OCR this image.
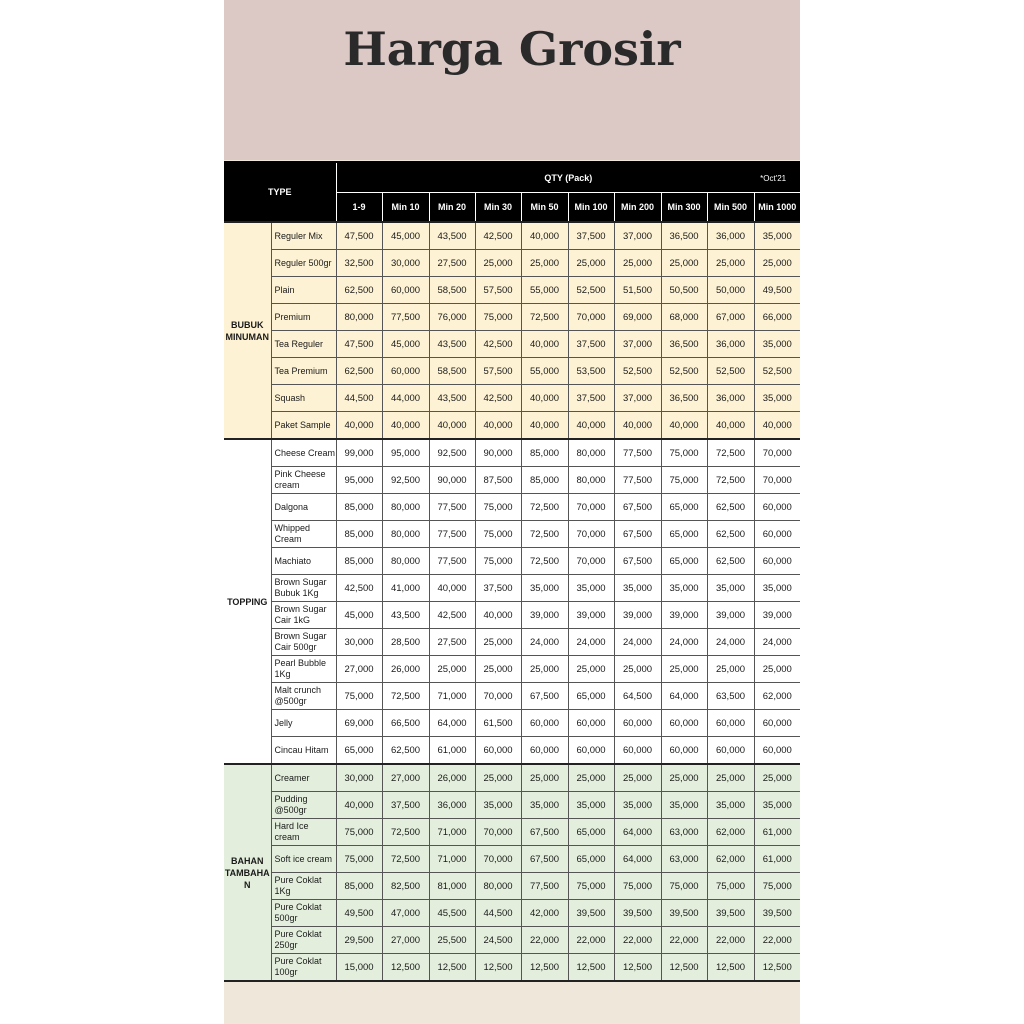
Harga Grosir
TYPE		QTY (Pack) *Oct'21									

		1-9	Min 10	Min 20	Min 30	Min 50	Min 100	Min 200	Min 300	Min 500	Min 1000
BUBUK MINUMAN	Reguler Mix	47,500	45,000	43,500	42,500	40,000	37,500	37,000	36,500	36,000	35,000
	Reguler 500gr	32,500	30,000	27,500	25,000	25,000	25,000	25,000	25,000	25,000	25,000
	Plain	62,500	60,000	58,500	57,500	55,000	52,500	51,500	50,500	50,000	49,500
	Premium	80,000	77,500	76,000	75,000	72,500	70,000	69,000	68,000	67,000	66,000
	Tea Reguler	47,500	45,000	43,500	42,500	40,000	37,500	37,000	36,500	36,000	35,000
	Tea Premium	62,500	60,000	58,500	57,500	55,000	53,500	52,500	52,500	52,500	52,500
	Squash	44,500	44,000	43,500	42,500	40,000	37,500	37,000	36,500	36,000	35,000
	Paket Sample	40,000	40,000	40,000	40,000	40,000	40,000	40,000	40,000	40,000	40,000
TOPPING	Cheese Cream	99,000	95,000	92,500	90,000	85,000	80,000	77,500	75,000	72,500	70,000
	Pink Cheese cream	95,000	92,500	90,000	87,500	85,000	80,000	77,500	75,000	72,500	70,000
	Dalgona	85,000	80,000	77,500	75,000	72,500	70,000	67,500	65,000	62,500	60,000
	Whipped Cream	85,000	80,000	77,500	75,000	72,500	70,000	67,500	65,000	62,500	60,000
	Machiato	85,000	80,000	77,500	75,000	72,500	70,000	67,500	65,000	62,500	60,000
	Brown Sugar Bubuk 1Kg	42,500	41,000	40,000	37,500	35,000	35,000	35,000	35,000	35,000	35,000
	Brown Sugar Cair 1kG	45,000	43,500	42,500	40,000	39,000	39,000	39,000	39,000	39,000	39,000
	Brown Sugar Cair 500gr	30,000	28,500	27,500	25,000	24,000	24,000	24,000	24,000	24,000	24,000
	Pearl Bubble 1Kg	27,000	26,000	25,000	25,000	25,000	25,000	25,000	25,000	25,000	25,000
	Malt crunch @500gr	75,000	72,500	71,000	70,000	67,500	65,000	64,500	64,000	63,500	62,000
	Jelly	69,000	66,500	64,000	61,500	60,000	60,000	60,000	60,000	60,000	60,000
	Cincau Hitam	65,000	62,500	61,000	60,000	60,000	60,000	60,000	60,000	60,000	60,000
BAHAN TAMBAHA N	Creamer	30,000	27,000	26,000	25,000	25,000	25,000	25,000	25,000	25,000	25,000
	Pudding @500gr	40,000	37,500	36,000	35,000	35,000	35,000	35,000	35,000	35,000	35,000
	Hard Ice cream	75,000	72,500	71,000	70,000	67,500	65,000	64,000	63,000	62,000	61,000
	Soft ice cream	75,000	72,500	71,000	70,000	67,500	65,000	64,000	63,000	62,000	61,000
	Pure Coklat 1Kg	85,000	82,500	81,000	80,000	77,500	75,000	75,000	75,000	75,000	75,000
	Pure Coklat 500gr	49,500	47,000	45,500	44,500	42,000	39,500	39,500	39,500	39,500	39,500
	Pure Coklat 250gr	29,500	27,000	25,500	24,500	22,000	22,000	22,000	22,000	22,000	22,000
	Pure Coklat 100gr	15,000	12,500	12,500	12,500	12,500	12,500	12,500	12,500	12,500	12,500
